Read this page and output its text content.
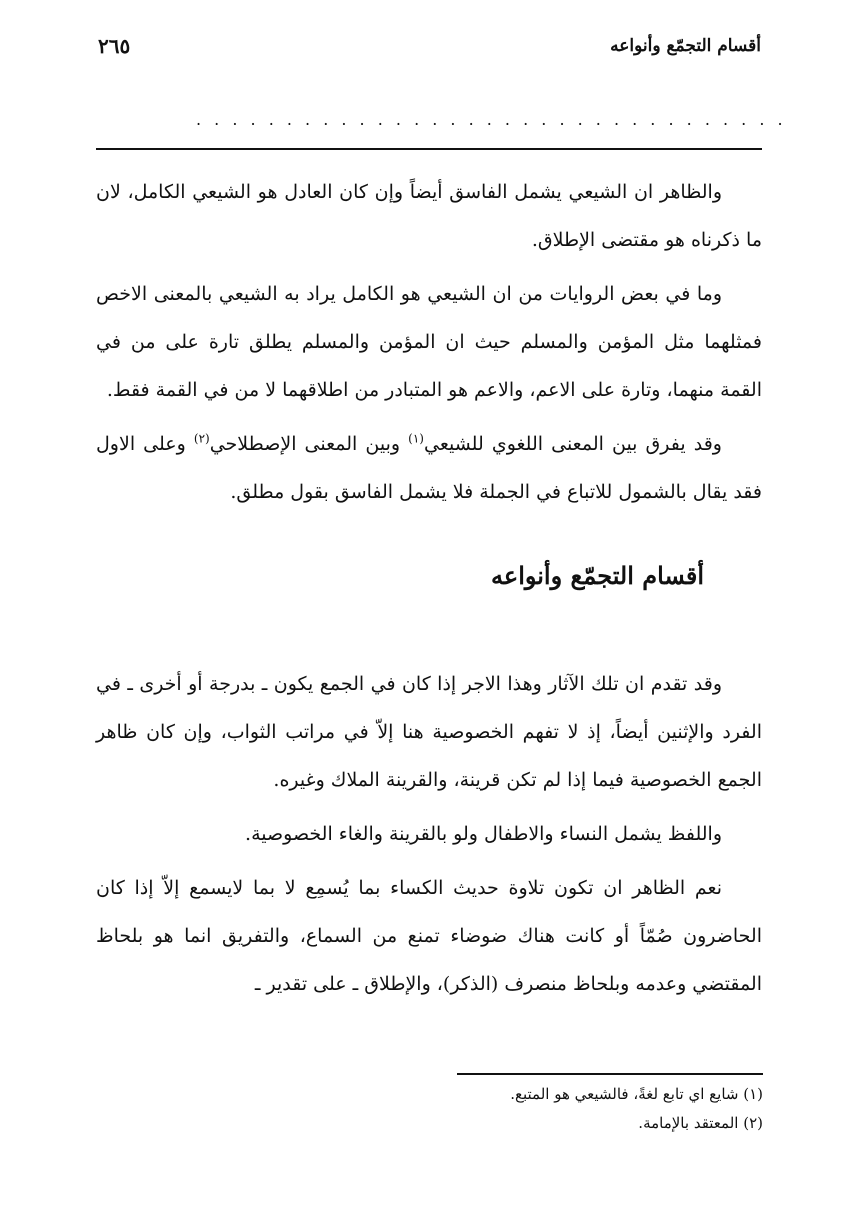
أقسام التجمّع وأنواعه
٢٦٥
. . . . . . . . . . . . . . . . . . . . . . . . . . . . . . . . .

والظاهر ان الشيعي يشمل الفاسق أيضاً وإن كان العادل هو الشيعي الكامل، لان ما ذكرناه هو مقتضى الإطلاق.

وما في بعض الروايات من ان الشيعي هو الكامل يراد به الشيعي بالمعنى الاخص فمثلهما مثل المؤمن والمسلم حيث ان المؤمن والمسلم يطلق تارة على من في القمة منهما، وتارة على الاعم، والاعم هو المتبادر من اطلاقهما لا من في القمة فقط.

وقد يفرق بين المعنى اللغوي للشيعي$^{(١)}$ وبين المعنى الإصطلاحي$^{(٢)}$ وعلى الاول فقد يقال بالشمول للاتباع في الجملة فلا يشمل الفاسق بقول مطلق.

أقسام التجمّع وأنواعه

وقد تقدم ان تلك الآثار وهذا الاجر إذا كان في الجمع يكون ـ بدرجة أو أخرى ـ في الفرد والإثنين أيضاً، إذ لا تفهم الخصوصية هنا إلاّ في مراتب الثواب، وإن كان ظاهر الجمع الخصوصية فيما إذا لم تكن قرينة، والقرينة الملاك وغيره.

واللفظ يشمل النساء والاطفال ولو بالقرينة والغاء الخصوصية.

نعم الظاهر ان تكون تلاوة حديث الكساء بما يُسمِع لا بما لايسمع إلاّ إذا كان الحاضرون صُمّاً أو كانت هناك ضوضاء تمنع من السماع، والتفريق انما هو بلحاظ المقتضي وعدمه وبلحاظ منصرف (الذكر)، والإطلاق ـ على تقدير ـ

(١) شايع اي تابع لغةً، فالشيعي هو المتبع.
(٢) المعتقد بالإمامة.
